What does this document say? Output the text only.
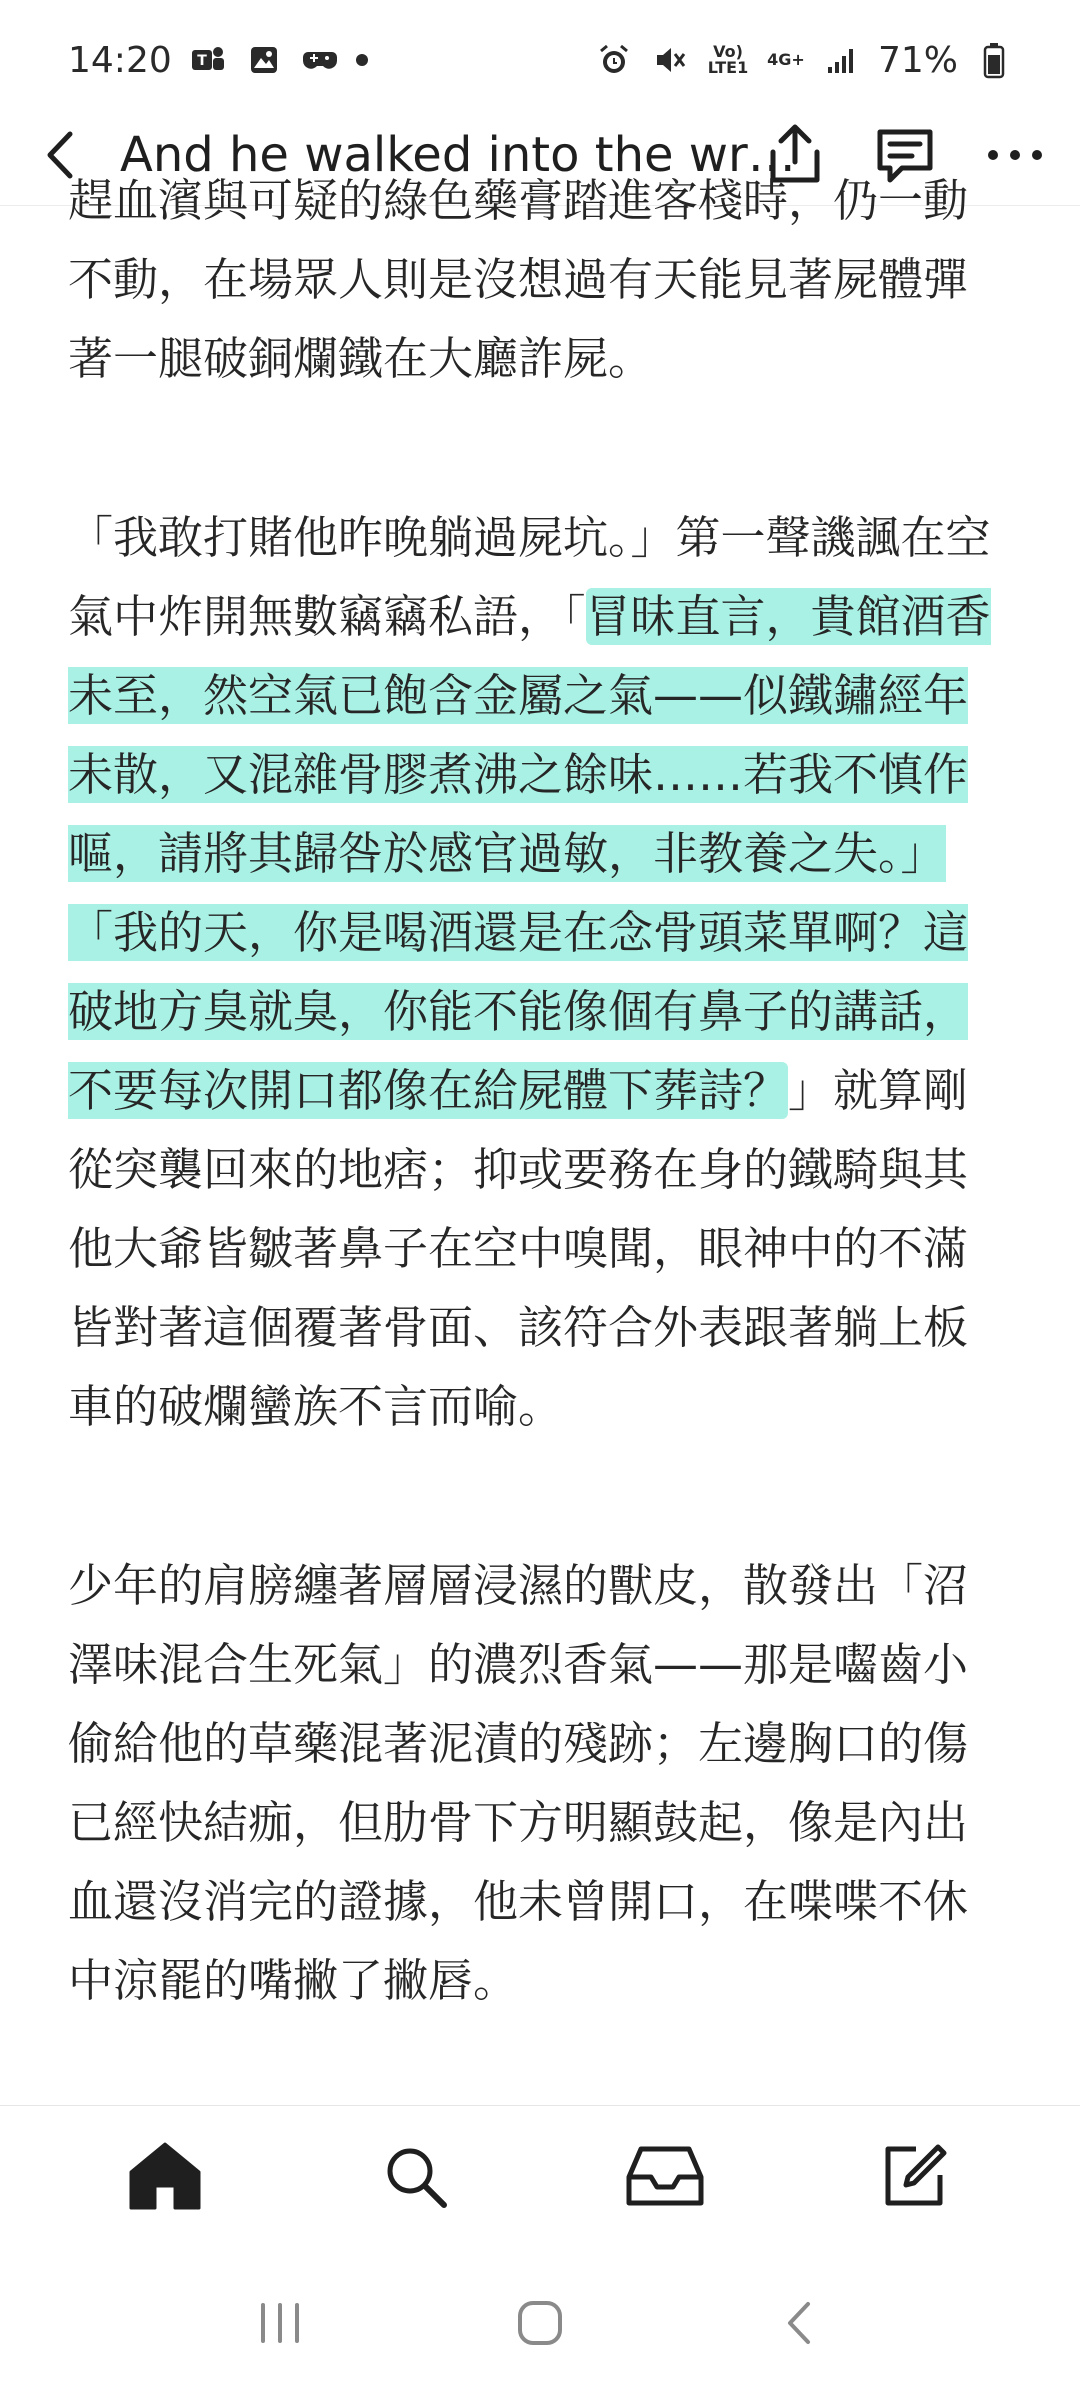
14:20 T	Vo) LTE1 4G+ 71%
And he walked into the wr…

趕血濱與可疑的綠色藥膏踏進客棧時，仍一動不動，在場眾人則是沒想過有天能見著屍體彈著一腿破銅爛鐵在大廳詐屍。

「我敢打賭他昨晚躺過屍坑。」第一聲譏諷在空氣中炸開無數竊竊私語，「冒昧直言，貴館酒香未至，然空氣已飽含金屬之氣——似鐵鏽經年未散，又混雜骨膠煮沸之餘味……若我不慎作嘔，請將其歸咎於感官過敏，非教養之失。」「我的天，你是喝酒還是在念骨頭菜單啊？這破地方臭就臭，你能不能像個有鼻子的講話，不要每次開口都像在給屍體下葬詩？」就算剛從突襲回來的地痞；抑或要務在身的鐵騎與其他大爺皆皺著鼻子在空中嗅聞，眼神中的不滿皆對著這個覆著骨面、該符合外表跟著躺上板車的破爛蠻族不言而喻。

少年的肩膀纏著層層浸濕的獸皮，散發出「沼澤味混合生死氣」的濃烈香氣——那是囓齒小偷給他的草藥混著泥漬的殘跡；左邊胸口的傷已經快結痂，但肋骨下方明顯鼓起，像是內出血還沒消完的證據，他未曾開口，在喋喋不休中涼罷的嘴撇了撇唇。
